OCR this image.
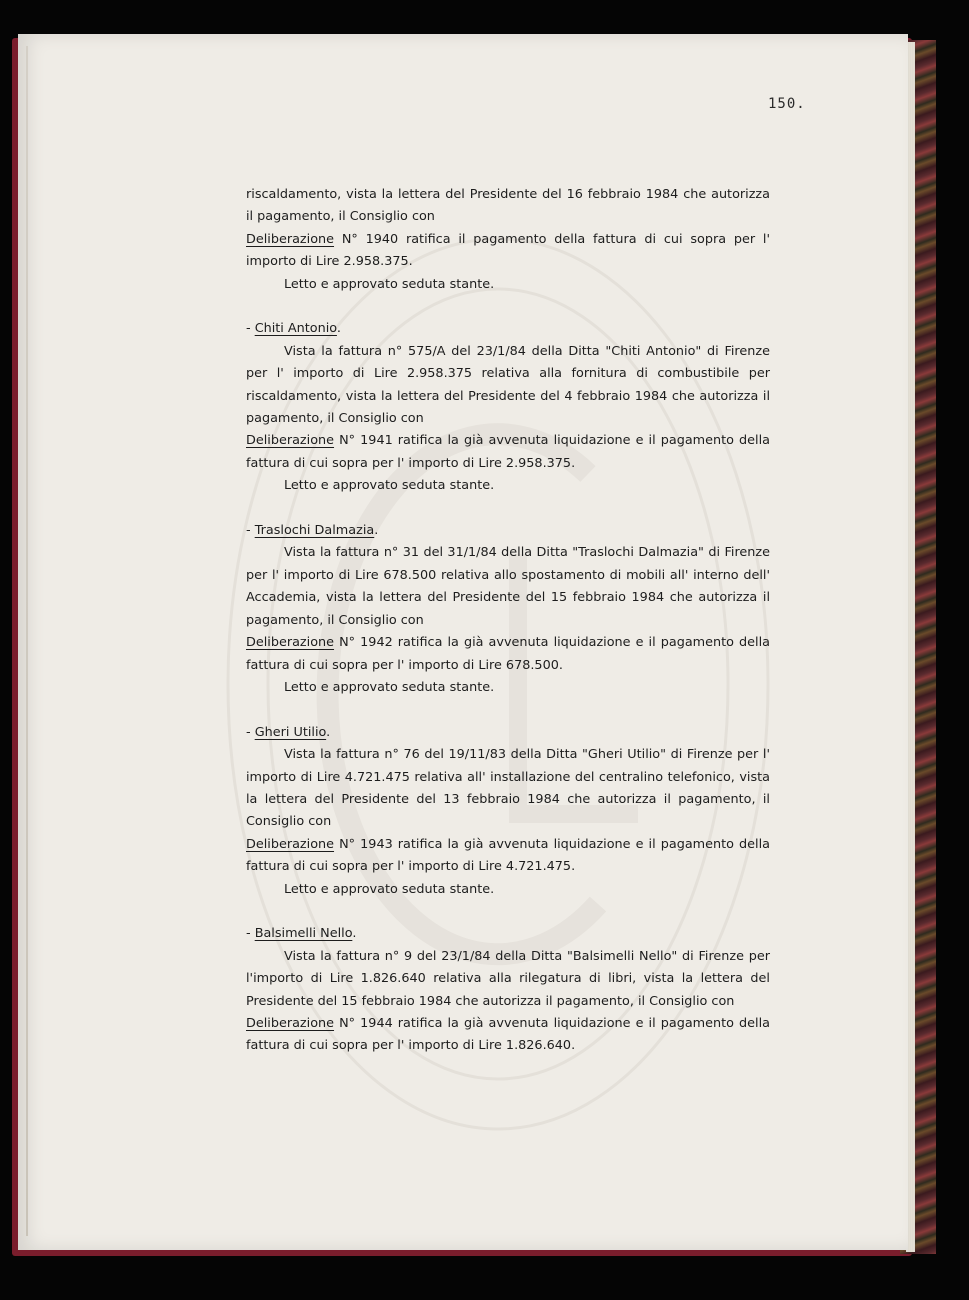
150.

riscaldamento, vista la lettera del Presidente del 16 febbraio 1984 che autorizza il pagamento, il Consiglio con

Deliberazione N° 1940 ratifica il pagamento della fattura di cui sopra per l' importo di Lire 2.958.375.

Letto e approvato seduta stante.

- Chiti Antonio.

Vista la fattura n° 575/A del 23/1/84 della Ditta "Chiti Antonio" di Firenze per l' importo di Lire 2.958.375 relativa alla fornitura di combustibile per riscaldamento, vista la lettera del Presidente del 4 febbraio 1984 che autorizza il pagamento, il Consiglio con

Deliberazione N° 1941 ratifica la già avvenuta liquidazione e il pagamento della fattura di cui sopra per l' importo di Lire 2.958.375.

Letto e approvato seduta stante.

- Traslochi Dalmazia.

Vista la fattura n° 31 del 31/1/84 della Ditta "Traslochi Dalmazia" di Firenze per l' importo di Lire 678.500 relativa allo spostamento di mobili all' interno dell' Accademia, vista la lettera del Presidente del 15 febbraio 1984 che autorizza il pagamento, il Consiglio con

Deliberazione N° 1942 ratifica la già avvenuta liquidazione e il pagamento della fattura di cui sopra per l' importo di Lire 678.500.

Letto e approvato seduta stante.

- Gheri Utilio.

Vista la fattura n° 76 del 19/11/83 della Ditta "Gheri Utilio" di Firenze per l' importo di Lire 4.721.475 relativa all' installazione del centralino telefonico, vista la lettera del Presidente del 13 febbraio 1984 che autorizza il pagamento, il Consiglio con

Deliberazione N° 1943 ratifica la già avvenuta liquidazione e il pagamento della fattura di cui sopra per l' importo di Lire 4.721.475.

Letto e approvato seduta stante.

- Balsimelli Nello.

Vista la fattura n° 9 del 23/1/84 della Ditta "Balsimelli Nello" di Firenze per l'importo di Lire 1.826.640 relativa alla rilegatura di libri, vista la lettera del Presidente del 15 febbraio 1984 che autorizza il pagamento, il Consiglio con

Deliberazione N° 1944 ratifica la già avvenuta liquidazione e il pagamento della fattura di cui sopra per l' importo di Lire 1.826.640.
